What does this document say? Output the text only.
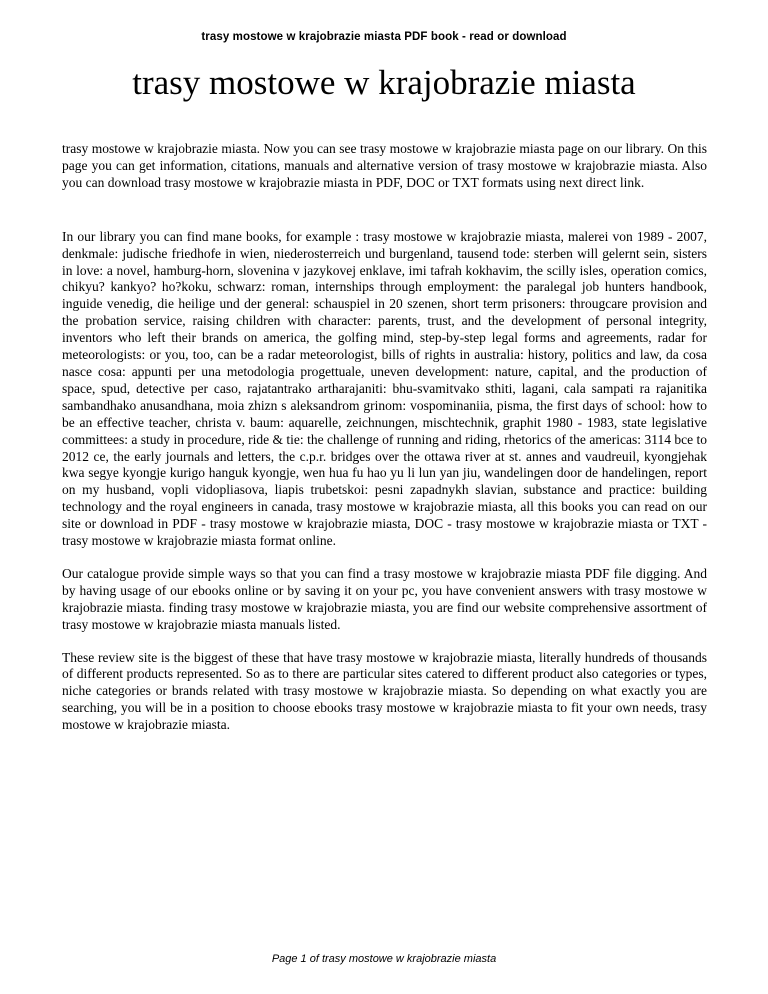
trasy mostowe w krajobrazie miasta PDF book - read or download
trasy mostowe w krajobrazie miasta

trasy mostowe w krajobrazie miasta. Now you can see trasy mostowe w krajobrazie miasta page on our library. On this page you can get information, citations, manuals and alternative version of trasy mostowe w krajobrazie miasta. Also you can download trasy mostowe w krajobrazie miasta in PDF, DOC or TXT formats using next direct link.

In our library you can find mane books, for example : trasy mostowe w krajobrazie miasta, malerei von 1989 - 2007, denkmale: judische friedhofe in wien, niederosterreich und burgenland, tausend tode: sterben will gelernt sein, sisters in love: a novel, hamburg-horn, slovenina v jazykovej enklave, imi tafrah kokhavim, the scilly isles, operation comics, chikyu? kankyo? ho?koku, schwarz: roman, internships through employment: the paralegal job hunters handbook, inguide venedig, die heilige und der general: schauspiel in 20 szenen, short term prisoners: througcare provision and the probation service, raising children with character: parents, trust, and the development of personal integrity, inventors who left their brands on america, the golfing mind, step-by-step legal forms and agreements, radar for meteorologists: or you, too, can be a radar meteorologist, bills of rights in australia: history, politics and law, da cosa nasce cosa: appunti per una metodologia progettuale, uneven development: nature, capital, and the production of space, spud, detective per caso, rajatantrako artharajaniti: bhu-svamitvako sthiti, lagani, cala sampati ra rajanitika sambandhako anusandhana, moia zhizn s aleksandrom grinom: vospominaniia, pisma, the first days of school: how to be an effective teacher, christa v. baum: aquarelle, zeichnungen, mischtechnik, graphit 1980 - 1983, state legislative committees: a study in procedure, ride & tie: the challenge of running and riding, rhetorics of the americas: 3114 bce to 2012 ce, the early journals and letters, the c.p.r. bridges over the ottawa river at st. annes and vaudreuil, kyongjehak kwa segye kyongje kurigo hanguk kyongje, wen hua fu hao yu li lun yan jiu, wandelingen door de handelingen, report on my husband, vopli vidopliasova, liapis trubetskoi: pesni zapadnykh slavian, substance and practice: building technology and the royal engineers in canada, trasy mostowe w krajobrazie miasta, all this books you can read on our site or download in PDF - trasy mostowe w krajobrazie miasta, DOC - trasy mostowe w krajobrazie miasta or TXT - trasy mostowe w krajobrazie miasta format online.

Our catalogue provide simple ways so that you can find a trasy mostowe w krajobrazie miasta PDF file digging. And by having usage of our ebooks online or by saving it on your pc, you have convenient answers with trasy mostowe w krajobrazie miasta. finding trasy mostowe w krajobrazie miasta, you are find our website comprehensive assortment of trasy mostowe w krajobrazie miasta manuals listed.

These review site is the biggest of these that have trasy mostowe w krajobrazie miasta, literally hundreds of thousands of different products represented. So as to there are particular sites catered to different product also categories or types, niche categories or brands related with trasy mostowe w krajobrazie miasta. So depending on what exactly you are searching, you will be in a position to choose ebooks trasy mostowe w krajobrazie miasta to fit your own needs, trasy mostowe w krajobrazie miasta.

Page 1 of trasy mostowe w krajobrazie miasta
